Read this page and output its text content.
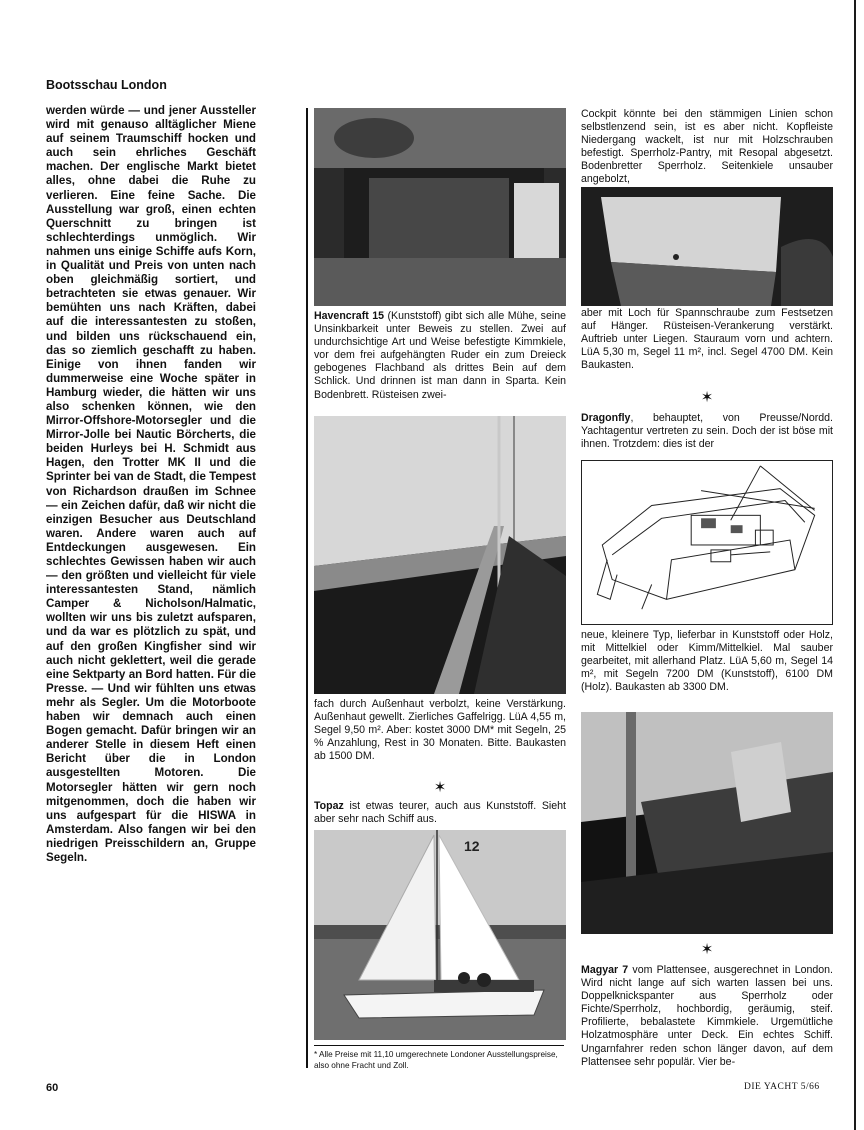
Bootsschau London

werden würde — und jener Aussteller wird mit genauso alltäglicher Miene auf seinem Traumschiff hocken und auch sein ehrliches Geschäft machen. Der englische Markt bietet alles, ohne dabei die Ruhe zu verlieren. Eine feine Sache. Die Ausstellung war groß, einen echten Querschnitt zu bringen ist schlechterdings unmöglich. Wir nahmen uns einige Schiffe aufs Korn, in Qualität und Preis von unten nach oben gleichmäßig sortiert, und betrachteten sie etwas genauer. Wir bemühten uns nach Kräften, dabei auf die interessantesten zu stoßen, und bilden uns rückschauend ein, das so ziemlich geschafft zu haben. Einige von ihnen fanden wir dummerweise eine Woche später in Hamburg wieder, die hätten wir uns also schenken können, wie den Mirror-Offshore-Motorsegler und die Mirror-Jolle bei Nautic Börcherts, die beiden Hurleys bei H. Schmidt aus Hagen, den Trotter MK II und die Sprinter bei van de Stadt, die Tempest von Richardson draußen im Schnee — ein Zeichen dafür, daß wir nicht die einzigen Besucher aus Deutschland waren. Andere waren auch auf Entdeckungen ausgewesen. Ein schlechtes Gewissen haben wir auch — den größten und vielleicht für viele interessantesten Stand, nämlich Camper & Nicholson/Halmatic, wollten wir uns bis zuletzt aufsparen, und da war es plötzlich zu spät, und auf den großen Kingfisher sind wir auch nicht geklettert, weil die gerade eine Sektparty an Bord hatten. Für die Presse. — Und wir fühlten uns etwas mehr als Segler. Um die Motorboote haben wir demnach auch einen Bogen gemacht. Dafür bringen wir an anderer Stelle in diesem Heft einen Bericht über die in London ausgestellten Motoren. Die Motorsegler hätten wir gern noch mitgenommen, doch die haben wir uns aufgespart für die HISWA in Amsterdam. Also fangen wir bei den niedrigen Preisschildern an, Gruppe Segeln.

Havencraft 15 (Kunststoff) gibt sich alle Mühe, seine Unsinkbarkeit unter Beweis zu stellen. Zwei auf undurchsichtige Art und Weise befestigte Kimmkiele, vor dem frei aufgehängten Ruder ein zum Dreieck gebogenes Flachband als drittes Bein auf dem Schlick. Und drinnen ist man dann in Sparta. Kein Bodenbrett. Rüsteisen zwei-

fach durch Außenhaut verbolzt, keine Verstärkung. Außenhaut gewellt. Zierliches Gaffelrigg. LüA 4,55 m, Segel 9,50 m². Aber: kostet 3000 DM* mit Segeln, 25 % Anzahlung, Rest in 30 Monaten. Bitte. Baukasten ab 1500 DM.

✶

Topaz ist etwas teurer, auch aus Kunststoff. Sieht aber sehr nach Schiff aus.

12
* Alle Preise mit 11,10 umgerechnete Londoner Ausstellungspreise, also ohne Fracht und Zoll.

Cockpit könnte bei den stämmigen Linien schon selbstlenzend sein, ist es aber nicht. Kopfleiste Niedergang wackelt, ist nur mit Holzschrauben befestigt. Sperrholz-Pantry, mit Resopal abgesetzt. Bodenbretter Sperrholz. Seitenkiele unsauber angebolzt,

aber mit Loch für Spannschraube zum Festsetzen auf Hänger. Rüsteisen-Verankerung verstärkt. Auftrieb unter Liegen. Stauraum vorn und achtern. LüA 5,30 m, Segel 11 m², incl. Segel 4700 DM. Kein Baukasten.

✶

Dragonfly, behauptet, von Preusse/Nordd. Yachtagentur vertreten zu sein. Doch der ist böse mit ihnen. Trotzdem: dies ist der

neue, kleinere Typ, lieferbar in Kunststoff oder Holz, mit Mittelkiel oder Kimm/Mittelkiel. Mal sauber gearbeitet, mit allerhand Platz. LüA 5,60 m, Segel 14 m², mit Segeln 7200 DM (Kunststoff), 6100 DM (Holz). Baukasten ab 3300 DM.

✶

Magyar 7 vom Plattensee, ausgerechnet in London. Wird nicht lange auf sich warten lassen bei uns. Doppelknickspanter aus Sperrholz oder Fichte/Sperrholz, hochbordig, geräumig, steif. Profilierte, bebalastete Kimmkiele. Urgemütliche Holzatmosphäre unter Deck. Ein echtes Schiff. Ungarnfahrer reden schon länger davon, auf dem Plattensee sehr populär. Vier be-

60	DIE YACHT 5/66
